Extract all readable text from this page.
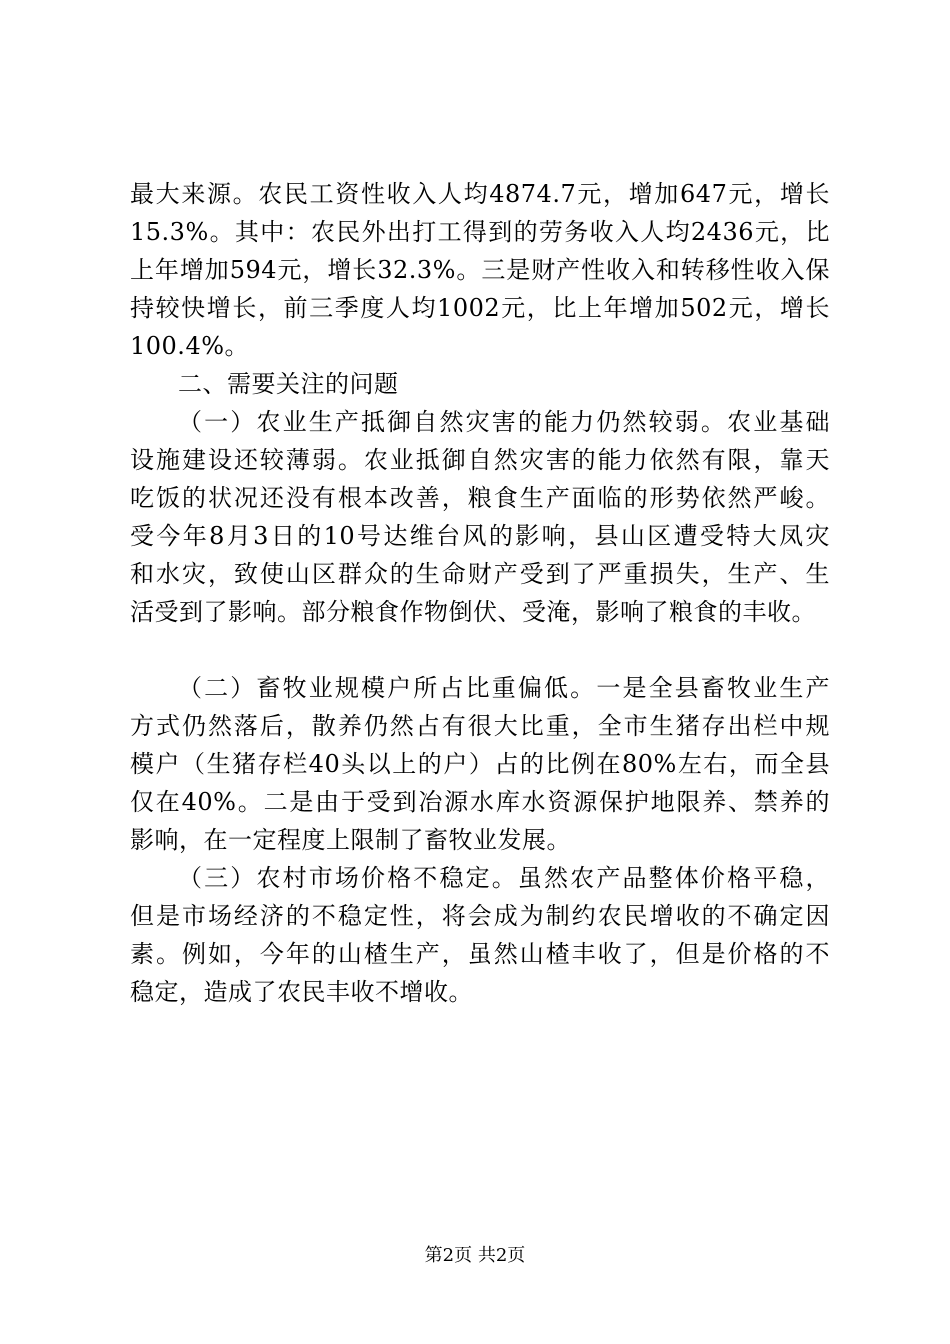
最大来源。农民工资性收入人均4874.7元，增加647元，增长
15.3%。其中：农民外出打工得到的劳务收入人均2436元，比
上年增加594元，增长32.3%。三是财产性收入和转移性收入保
持较快增长，前三季度人均1002元，比上年增加502元，增长
100.4%。
二、需要关注的问题
（一）农业生产抵御自然灾害的能力仍然较弱。农业基础
设施建设还较薄弱。农业抵御自然灾害的能力依然有限，靠天
吃饭的状况还没有根本改善，粮食生产面临的形势依然严峻。
受今年8月3日的10号达维台风的影响，县山区遭受特大凤灾
和水灾，致使山区群众的生命财产受到了严重损失，生产、生
活受到了影响。部分粮食作物倒伏、受淹，影响了粮食的丰收。
（二）畜牧业规模户所占比重偏低。一是全县畜牧业生产
方式仍然落后，散养仍然占有很大比重，全市生猪存出栏中规
模户（生猪存栏40头以上的户）占的比例在80%左右，而全县
仅在40%。二是由于受到冶源水库水资源保护地限养、禁养的
影响，在一定程度上限制了畜牧业发展。
（三）农村市场价格不稳定。虽然农产品整体价格平稳，
但是市场经济的不稳定性，将会成为制约农民增收的不确定因
素。例如，今年的山楂生产，虽然山楂丰收了，但是价格的不
稳定，造成了农民丰收不增收。
第2页 共2页
